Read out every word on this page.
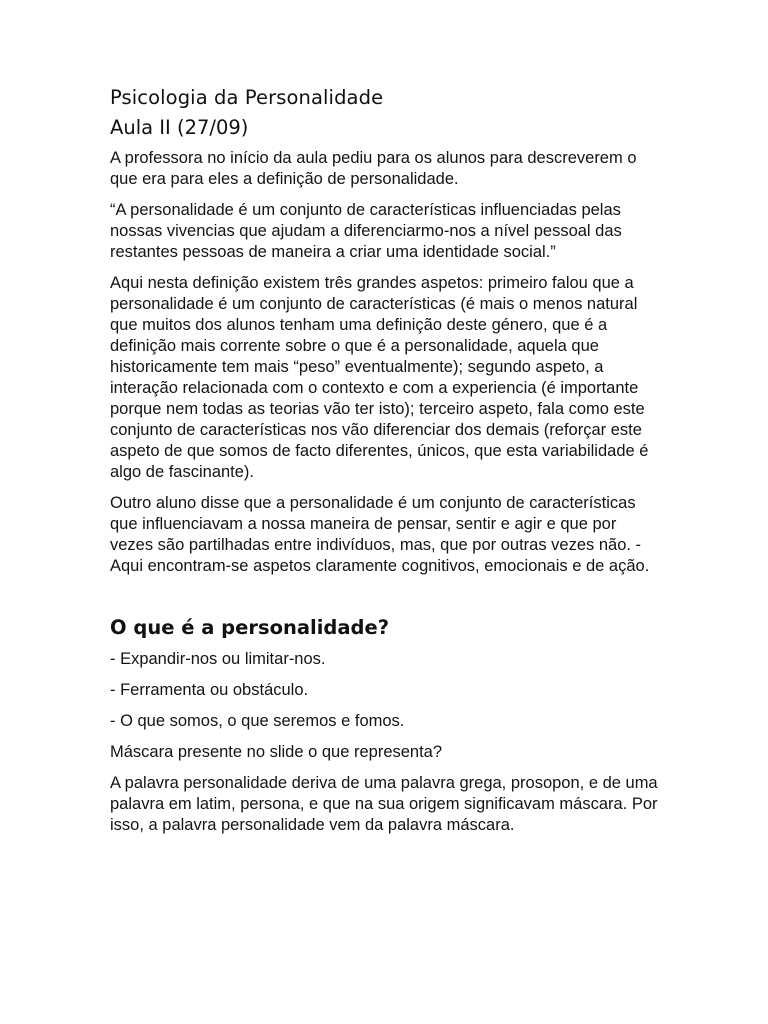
Psicologia da Personalidade
Aula II (27/09)

A professora no início da aula pediu para os alunos para descreverem o que era para eles a definição de personalidade.

“A personalidade é um conjunto de características influenciadas pelas nossas vivencias que ajudam a diferenciarmo-nos a nível pessoal das restantes pessoas de maneira a criar uma identidade social.”

Aqui nesta definição existem três grandes aspetos: primeiro falou que a personalidade é um conjunto de características (é mais o menos natural que muitos dos alunos tenham uma definição deste género, que é a definição mais corrente sobre o que é a personalidade, aquela que historicamente tem mais “peso” eventualmente); segundo aspeto, a interação relacionada com o contexto e com a experiencia (é importante porque nem todas as teorias vão ter isto); terceiro aspeto, fala como este conjunto de características nos vão diferenciar dos demais (reforçar este aspeto de que somos de facto diferentes, únicos, que esta variabilidade é algo de fascinante).

Outro aluno disse que a personalidade é um conjunto de características que influenciavam a nossa maneira de pensar, sentir e agir e que por vezes são partilhadas entre indivíduos, mas, que por outras vezes não. - Aqui encontram-se aspetos claramente cognitivos, emocionais e de ação.

O que é a personalidade?

- Expandir-nos ou limitar-nos.

- Ferramenta ou obstáculo.

- O que somos, o que seremos e fomos.

Máscara presente no slide o que representa?

A palavra personalidade deriva de uma palavra grega, prosopon, e de uma palavra em latim, persona, e que na sua origem significavam máscara. Por isso, a palavra personalidade vem da palavra máscara.
